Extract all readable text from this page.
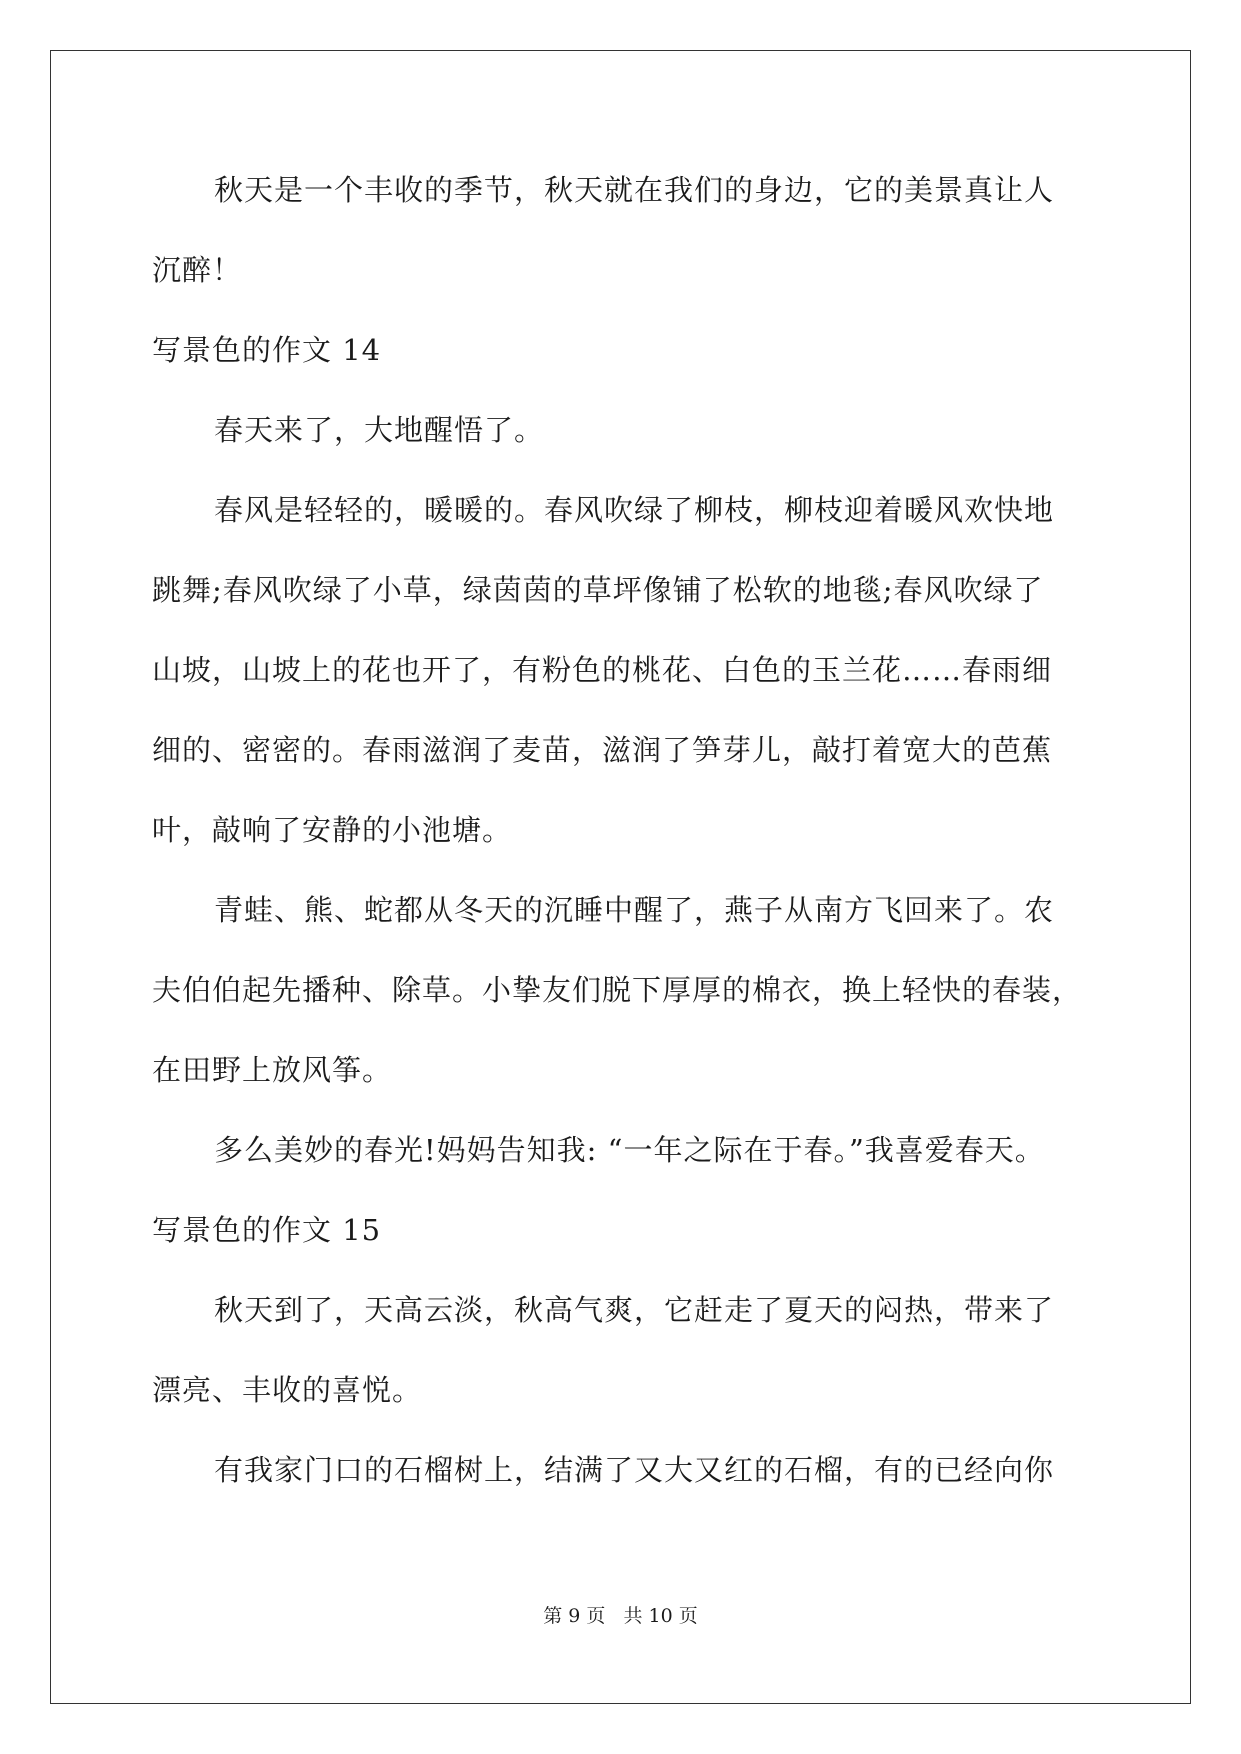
秋天是一个丰收的季节，秋天就在我们的身边，它的美景真让人
沉醉！
写景色的作文 14
春天来了，大地醒悟了。
春风是轻轻的，暖暖的。春风吹绿了柳枝，柳枝迎着暖风欢快地
跳舞;春风吹绿了小草，绿茵茵的草坪像铺了松软的地毯;春风吹绿了
山坡，山坡上的花也开了，有粉色的桃花、白色的玉兰花……春雨细
细的、密密的。春雨滋润了麦苗，滋润了笋芽儿，敲打着宽大的芭蕉
叶，敲响了安静的小池塘。
青蛙、熊、蛇都从冬天的沉睡中醒了，燕子从南方飞回来了。农
夫伯伯起先播种、除草。小挚友们脱下厚厚的棉衣，换上轻快的春装，
在田野上放风筝。
多么美妙的春光!妈妈告知我: “一年之际在于春。”我喜爱春天。
写景色的作文 15
秋天到了，天高云淡，秋高气爽，它赶走了夏天的闷热，带来了
漂亮、丰收的喜悦。
有我家门口的石榴树上，结满了又大又红的石榴，有的已经向你
第 9 页   共 10 页
